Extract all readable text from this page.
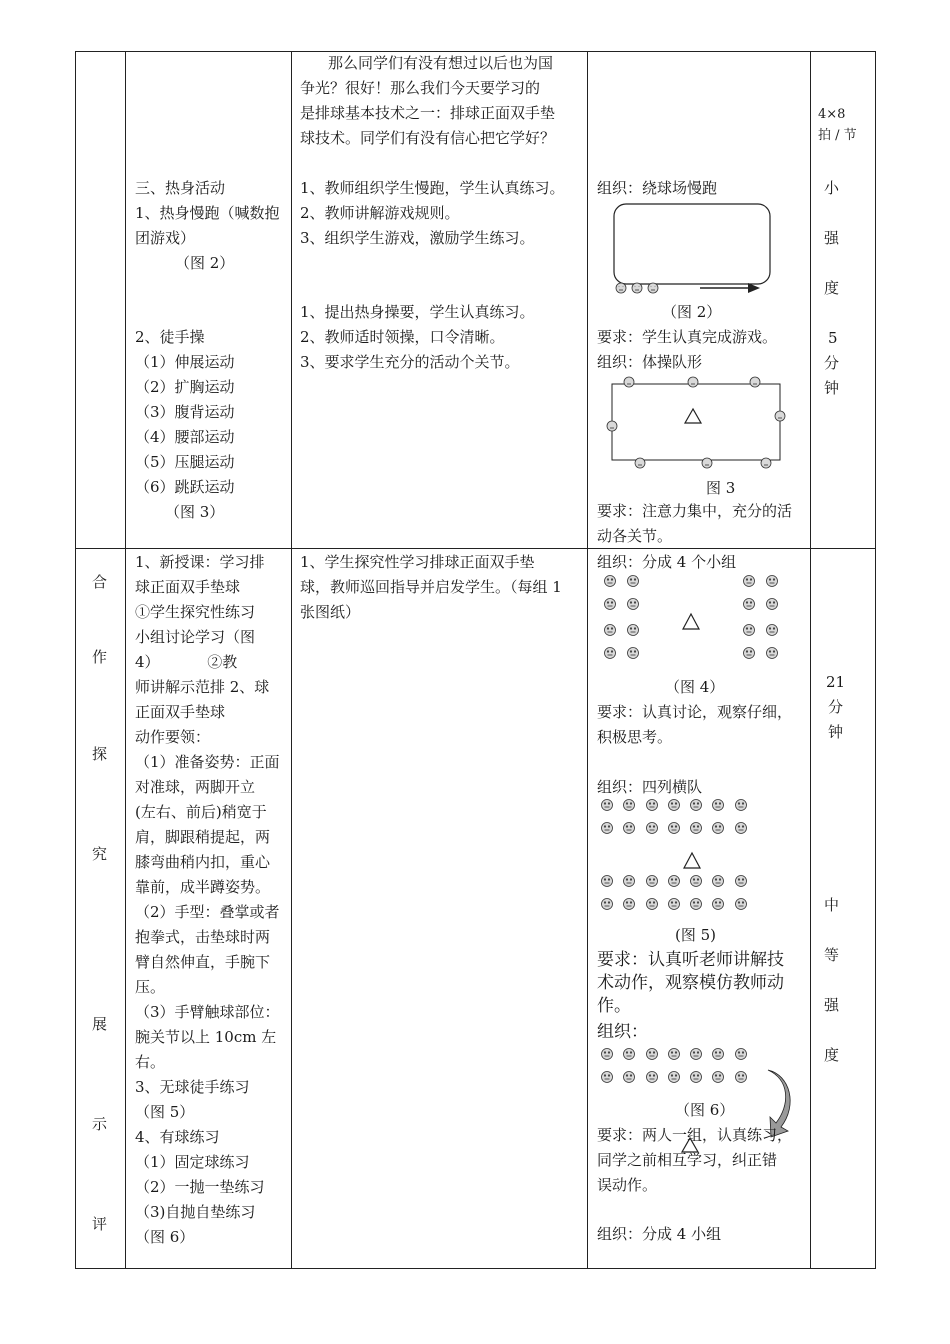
那么同学们有没有想过以后也为国
争光？很好！那么我们今天要学习的
是排球基本技术之一：排球正面双手垫
球技术。同学们有没有信心把它学好？
4×8
拍 / 节
三、热身活动
1、热身慢跑（喊数抱
团游戏）
（图 2）
2、徒手操
（1）伸展运动
（2）扩胸运动
（3）腹背运动
（4）腰部运动
（5）压腿运动
（6）跳跃运动
（图 3）
1、教师组织学生慢跑，学生认真练习。
2、教师讲解游戏规则。
3、组织学生游戏，激励学生练习。
1、提出热身操要，学生认真练习。
2、教师适时领操，口令清晰。
3、要求学生充分的活动个关节。
组织：绕球场慢跑
（图 2）
要求：学生认真完成游戏。
组织：体操队形
图 3
要求：注意力集中，充分的活
动各关节。
小
强
度
5
分
钟
合
作
探
究
展
示
评
1、新授课：学习排
球正面双手垫球
①学生探究性练习
小组讨论学习（图
4）          ②教
师讲解示范排 2、球
正面双手垫球
动作要领：
（1）准备姿势：正面
对准球，两脚开立
(左右、前后)稍宽于
肩，脚跟稍提起，两
膝弯曲稍内扣，重心
靠前，成半蹲姿势。
（2）手型：叠掌或者
抱拳式，击垫球时两
臂自然伸直，手腕下
压。
（3）手臂触球部位：
腕关节以上 10cm 左
右。
3、无球徒手练习
（图 5）
4、有球练习
（1）固定球练习
（2）一抛一垫练习
（3)自抛自垫练习
（图 6）
1、学生探究性学习排球正面双手垫
球，教师巡回指导并启发学生。（每组 1
张图纸）
组织：分成 4 个小组
（图 4）
要求：认真讨论，观察仔细，
积极思考。
组织：四列横队
(图 5)
要求：认真听老师讲解技
术动作，观察模仿教师动
作。
组织：
（图 6）
要求：两人一组，认真练习，
同学之前相互学习，纠正错
误动作。
组织：分成 4 小组
21
分
钟
中
等
强
度
